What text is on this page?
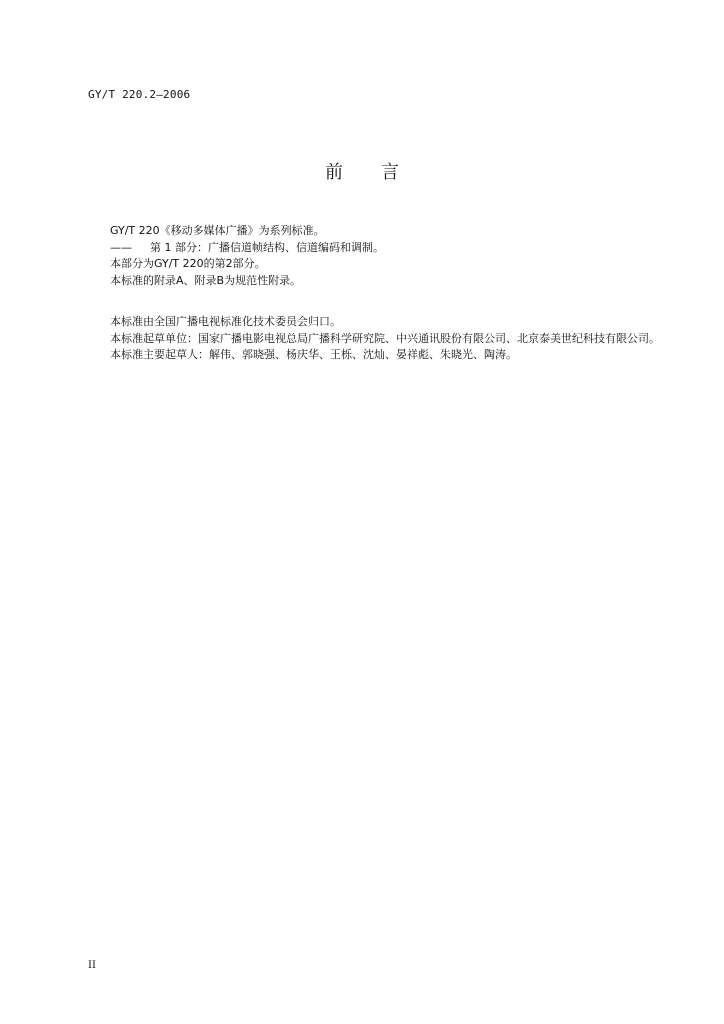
GY/T 220.2—2006
前 言

GY/T 220《移动多媒体广播》为系列标准。

—— 第 1 部分：广播信道帧结构、信道编码和调制。

本部分为GY/T 220的第2部分。

本标准的附录A、附录B为规范性附录。

本标准由全国广播电视标准化技术委员会归口。

本标准起草单位：国家广播电影电视总局广播科学研究院、中兴通讯股份有限公司、北京泰美世纪科技有限公司。

本标准主要起草人：解伟、郭晓强、杨庆华、王栎、沈灿、晏祥彪、朱晓光、陶涛。

II
